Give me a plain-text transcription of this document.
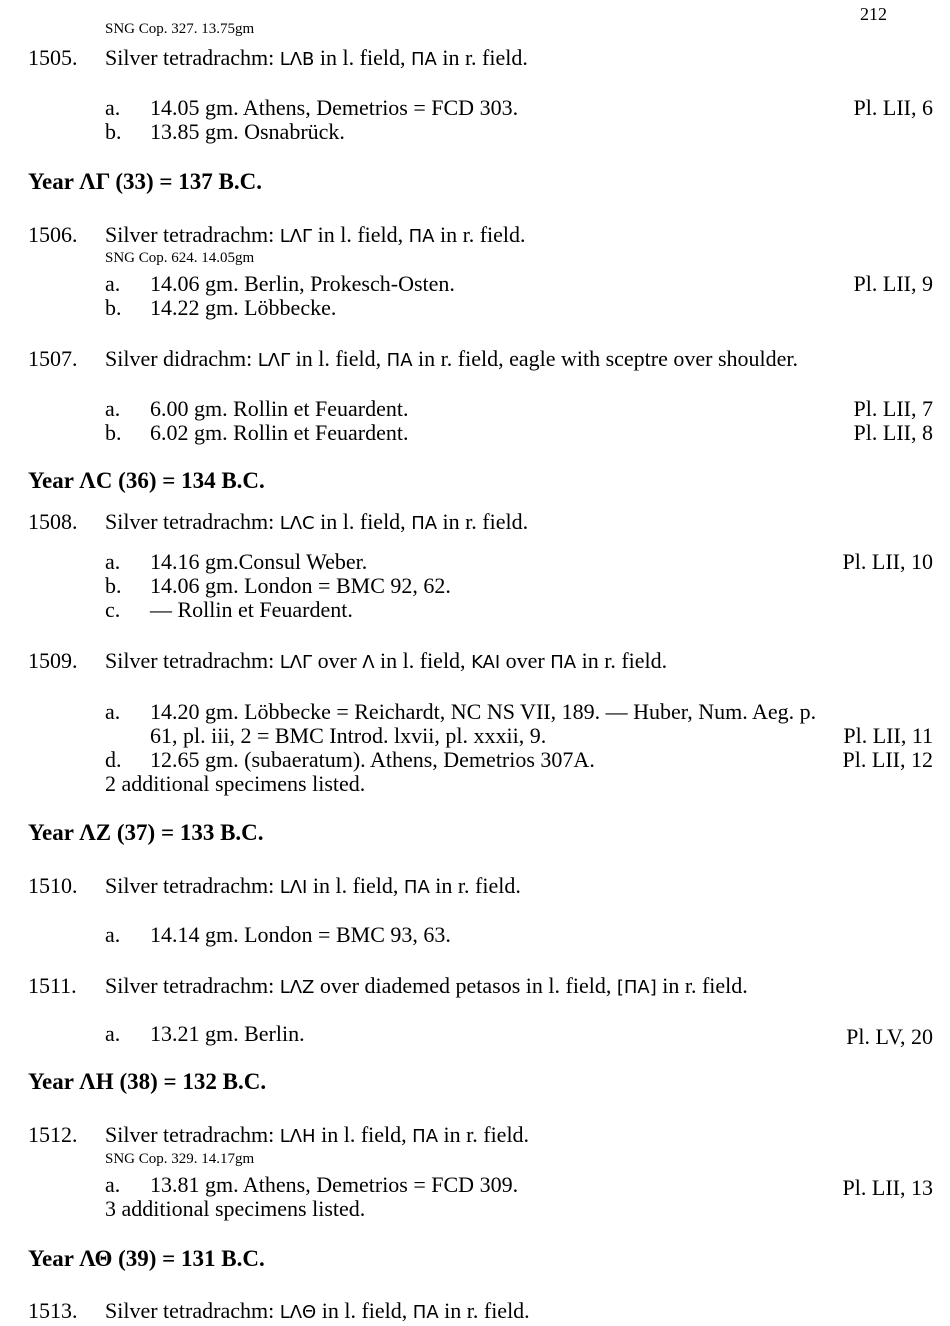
212
SNG Cop. 327. 13.75gm
1505. Silver tetradrachm: LΛB in l. field, ΠA in r. field.
a. 14.05 gm. Athens, Demetrios = FCD 303.	Pl. LII, 6
b. 13.85 gm. Osnabrück.
Year ΛΓ (33) = 137 B.C.
1506. Silver tetradrachm: LΛΓ in l. field, ΠA in r. field.
SNG Cop. 624. 14.05gm
a. 14.06 gm. Berlin, Prokesch-Osten.	Pl. LII, 9
b. 14.22 gm. Löbbecke.
1507. Silver didrachm: LΛΓ in l. field, ΠA in r. field, eagle with sceptre over shoulder.
a. 6.00 gm. Rollin et Feuardent.	Pl. LII, 7
b. 6.02 gm. Rollin et Feuardent.	Pl. LII, 8
Year ΛϹ (36) = 134 B.C.
1508. Silver tetradrachm: LΛϹ in l. field, ΠA in r. field.
a. 14.16 gm.Consul Weber.	Pl. LII, 10
b. 14.06 gm. London = BMC 92, 62.
c. — Rollin et Feuardent.
1509. Silver tetradrachm: LΛΓ over Λ in l. field, KAI over ΠA in r. field.
a. 14.20 gm. Löbbecke = Reichardt, NC NS VII, 189. — Huber, Num. Aeg. p.
61, pl. iii, 2 = BMC Introd. lxvii, pl. xxxii, 9.	Pl. LII, 11
d. 12.65 gm. (subaeratum). Athens, Demetrios 307A.	Pl. LII, 12
2 additional specimens listed.
Year ΛZ (37) = 133 B.C.
1510. Silver tetradrachm: LΛΙ in l. field, ΠA in r. field.
a. 14.14 gm. London = BMC 93, 63.
1511. Silver tetradrachm: LΛZ over diademed petasos in l. field, [ΠA] in r. field.
a. 13.21 gm. Berlin.	Pl. LV, 20
Year ΛH (38) = 132 B.C.
1512. Silver tetradrachm: LΛH in l. field, ΠA in r. field.
SNG Cop. 329. 14.17gm
a. 13.81 gm. Athens, Demetrios = FCD 309.	Pl. LII, 13
3 additional specimens listed.
Year ΛΘ (39) = 131 B.C.
1513. Silver tetradrachm: LΛΘ in l. field, ΠA in r. field.
